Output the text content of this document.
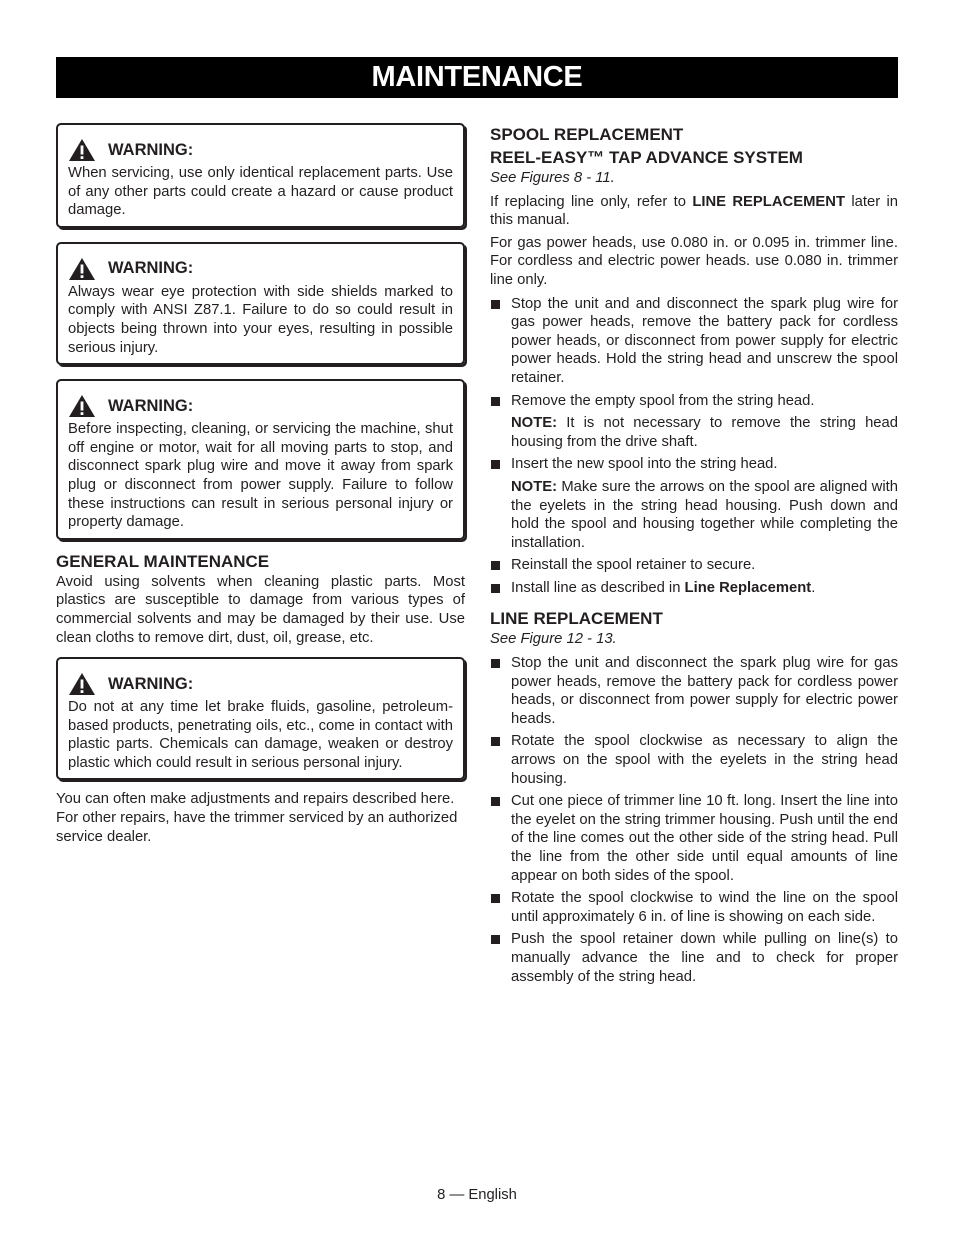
MAINTENANCE
WARNING:

When servicing, use only identical replacement parts. Use of any other parts could create a hazard or cause product damage.

WARNING:

Always wear eye protection with side shields marked to comply with ANSI Z87.1. Failure to do so could result in objects being thrown into your eyes, resulting in possible serious injury.

WARNING:

Before inspecting, cleaning, or servicing the machine, shut off engine or motor, wait for all moving parts to stop, and disconnect spark plug wire and move it away from spark plug or disconnect from power supply. Failure to follow these instructions can result in serious personal injury or property damage.

GENERAL MAINTENANCE

Avoid using solvents when cleaning plastic parts. Most plastics are susceptible to damage from various types of commercial solvents and may be damaged by their use. Use clean cloths to remove dirt, dust, oil, grease, etc.

WARNING:

Do not at any time let brake fluids, gasoline, petroleum-based products, penetrating oils, etc., come in contact with plastic parts. Chemicals can damage, weaken or destroy plastic which could result in serious personal injury.

You can often make adjustments and repairs described here. For other repairs, have the trimmer serviced by an authorized service dealer.

SPOOL REPLACEMENT
REEL-EASY™ TAP ADVANCE SYSTEM

See Figures 8 - 11.

If replacing line only, refer to LINE REPLACEMENT later in this manual.

For gas power heads, use 0.080 in. or 0.095 in. trimmer line. For cordless and electric power heads. use 0.080 in. trimmer line only.

Stop the unit and and disconnect the spark plug wire for gas power heads, remove the battery pack for cordless power heads, or disconnect from power supply for electric power heads. Hold the string head and unscrew the spool retainer.
Remove the empty spool from the string head.

NOTE: It is not necessary to remove the string head housing from the drive shaft.

Insert the new spool into the string head.

NOTE: Make sure the arrows on the spool are aligned with the eyelets in the string head housing. Push down and hold the spool and housing together while completing the installation.

Reinstall the spool retainer to secure.
Install line as described in Line Replacement.
LINE REPLACEMENT

See Figure 12 - 13.

Stop the unit and disconnect the spark plug wire for gas power heads, remove the battery pack for cordless power heads, or disconnect from power supply for electric power heads.
Rotate the spool clockwise as necessary to align the arrows on the spool with the eyelets in the string head housing.
Cut one piece of trimmer line 10 ft. long. Insert the line into the eyelet on the string trimmer housing. Push until the end of the line comes out the other side of the string head. Pull the line from the other side until equal amounts of line appear on both sides of the spool.
Rotate the spool clockwise to wind the line on the spool until approximately 6 in. of line is showing on each side.
Push the spool retainer down while pulling on line(s) to manually advance the line and to check for proper assembly of the string head.
8 — English
